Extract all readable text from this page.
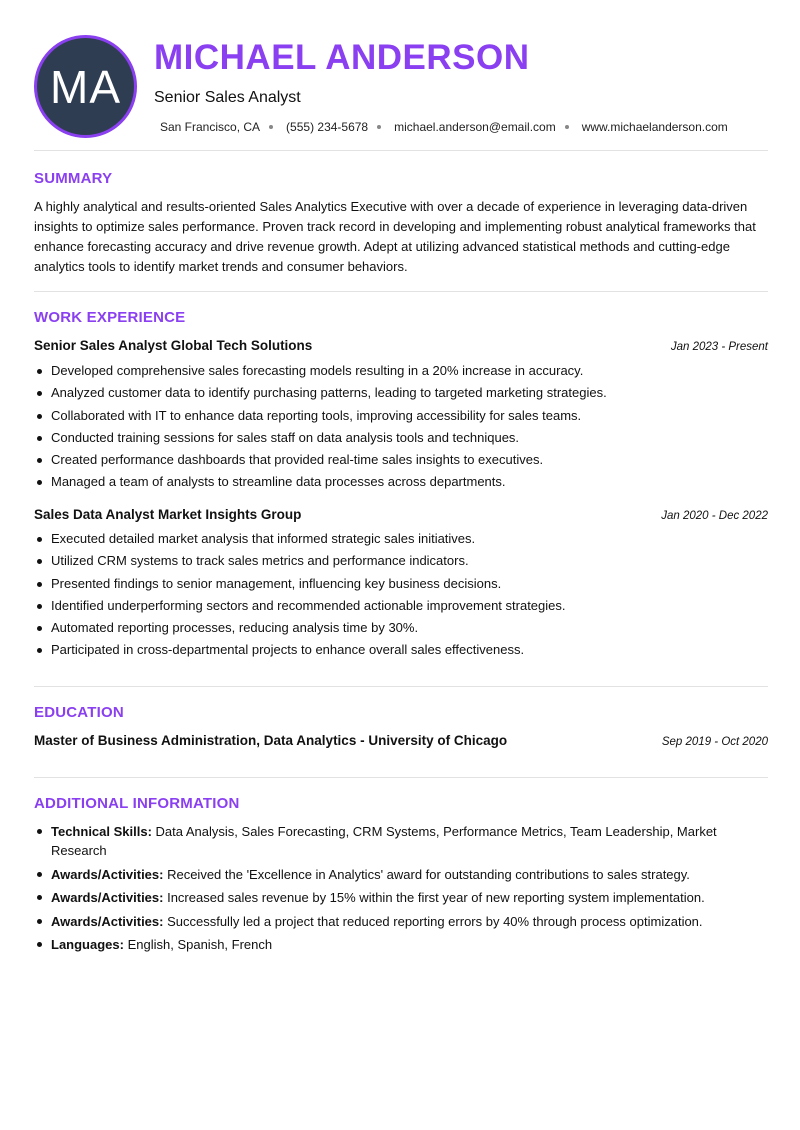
MA
MICHAEL ANDERSON
Senior Sales Analyst
San Francisco, CA (555) 234-5678 michael.anderson@email.com www.michaelanderson.com
SUMMARY

A highly analytical and results-oriented Sales Analytics Executive with over a decade of experience in leveraging data-driven insights to optimize sales performance. Proven track record in developing and implementing robust analytical frameworks that enhance forecasting accuracy and drive revenue growth. Adept at utilizing advanced statistical methods and cutting-edge analytics tools to identify market trends and consumer behaviors.

WORK EXPERIENCE
Senior Sales Analyst Global Tech Solutions	Jan 2023 - Present
Developed comprehensive sales forecasting models resulting in a 20% increase in accuracy.
Analyzed customer data to identify purchasing patterns, leading to targeted marketing strategies.
Collaborated with IT to enhance data reporting tools, improving accessibility for sales teams.
Conducted training sessions for sales staff on data analysis tools and techniques.
Created performance dashboards that provided real-time sales insights to executives.
Managed a team of analysts to streamline data processes across departments.
Sales Data Analyst Market Insights Group	Jan 2020 - Dec 2022
Executed detailed market analysis that informed strategic sales initiatives.
Utilized CRM systems to track sales metrics and performance indicators.
Presented findings to senior management, influencing key business decisions.
Identified underperforming sectors and recommended actionable improvement strategies.
Automated reporting processes, reducing analysis time by 30%.
Participated in cross-departmental projects to enhance overall sales effectiveness.
EDUCATION
Master of Business Administration, Data Analytics - University of Chicago	Sep 2019 - Oct 2020
ADDITIONAL INFORMATION
Technical Skills: Data Analysis, Sales Forecasting, CRM Systems, Performance Metrics, Team Leadership, Market Research
Awards/Activities: Received the 'Excellence in Analytics' award for outstanding contributions to sales strategy.
Awards/Activities: Increased sales revenue by 15% within the first year of new reporting system implementation.
Awards/Activities: Successfully led a project that reduced reporting errors by 40% through process optimization.
Languages: English, Spanish, French
